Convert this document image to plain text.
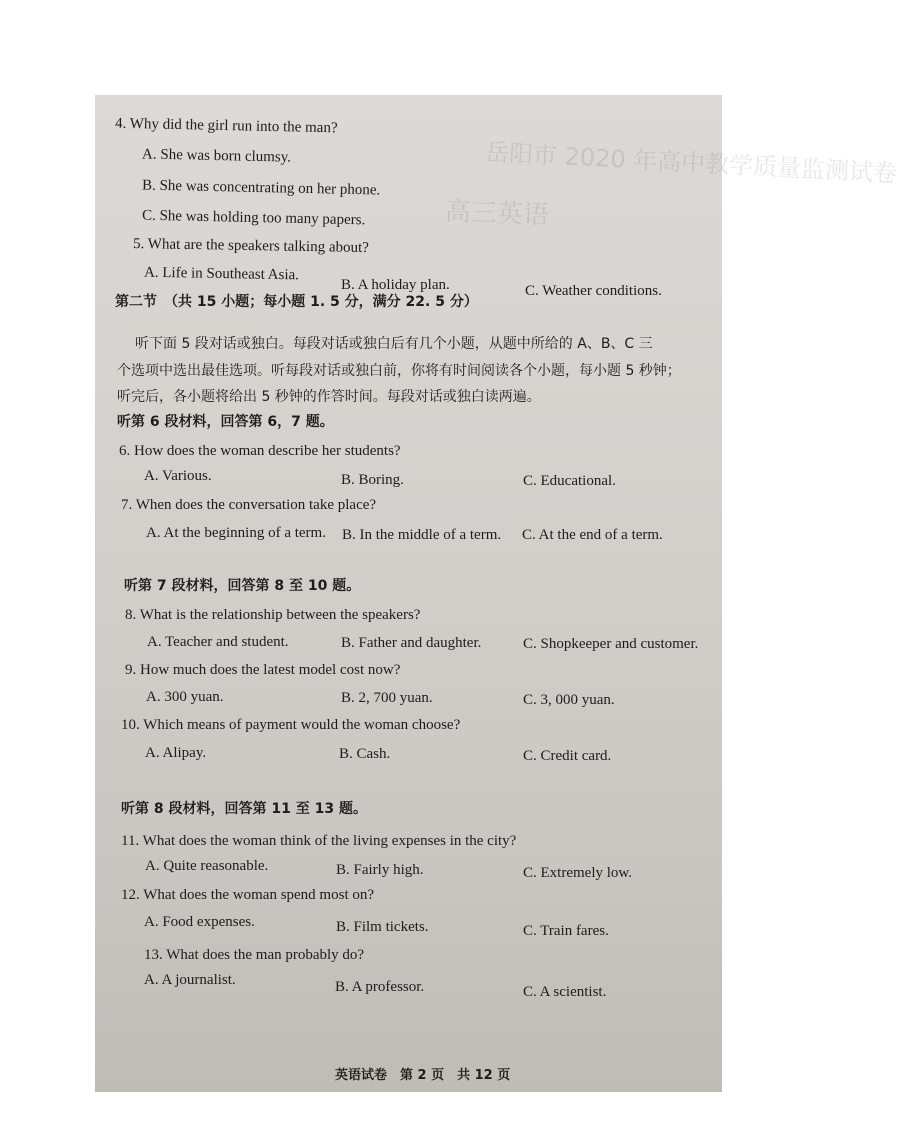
岳阳市 2020 年高中教学质量监测试卷
高三英语
4. Why did the girl run into the man?
A. She was born clumsy.
B. She was concentrating on her phone.
C. She was holding too many papers.
5. What are the speakers talking about?
A. Life in Southeast Asia.
B. A holiday plan.	C. Weather conditions.
第二节　（共 15 小题；每小题 1. 5 分，满分 22. 5 分）
　听下面 5 段对话或独白。每段对话或独白后有几个小题，从题中所给的 A、B、C 三
个选项中选出最佳选项。听每段对话或独白前，你将有时间阅读各个小题，每小题 5 秒钟；
听完后，各小题将给出 5 秒钟的作答时间。每段对话或独白读两遍。
听第 6 段材料，回答第 6，7 题。
6. How does the woman describe her students?
A. Various.	B. Boring.	C. Educational.
7. When does the conversation take place?
A. At the beginning of a term. B. In the middle of a term. C. At the end of a term.
听第 7 段材料，回答第 8 至 10 题。
8. What is the relationship between the speakers?
A. Teacher and student.	B. Father and daughter.	C. Shopkeeper and customer.
9. How much does the latest model cost now?
A. 300 yuan.	B. 2, 700 yuan.	C. 3, 000 yuan.
10. Which means of payment would the woman choose?
A. Alipay.	B. Cash.	C. Credit card.
听第 8 段材料，回答第 11 至 13 题。
11. What does the woman think of the living expenses in the city?
A. Quite reasonable.	B. Fairly high.	C. Extremely low.
12. What does the woman spend most on?
A. Food expenses.	B. Film tickets.	C. Train fares.
13. What does the man probably do?
A. A journalist.	B. A professor.	C. A scientist.
英语试卷　第 2 页　共 12 页
